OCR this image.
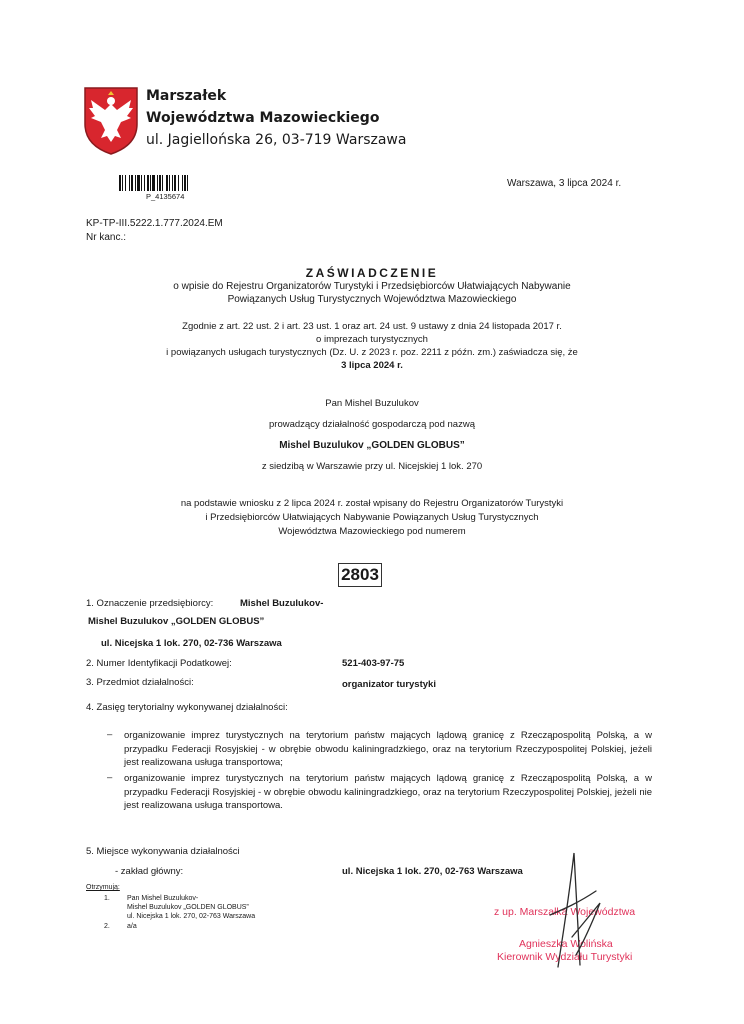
Marszałek
Województwa Mazowieckiego
ul. Jagiellońska 26, 03-719 Warszawa
P_4135674
Warszawa, 3 lipca 2024 r.
KP-TP-III.5222.1.777.2024.EM
Nr kanc.:
ZAŚWIADCZENIE
o wpisie do Rejestru Organizatorów Turystyki i Przedsiębiorców Ułatwiających Nabywanie
Powiązanych Usług Turystycznych Województwa Mazowieckiego
Zgodnie z art. 22 ust. 2 i art. 23 ust. 1 oraz art. 24 ust. 9 ustawy z dnia 24 listopada 2017 r.
o imprezach turystycznych
i powiązanych usługach turystycznych (Dz. U. z 2023 r. poz. 2211 z późn. zm.) zaświadcza się, że
3 lipca 2024 r.
Pan Mishel Buzulukov
prowadzący działalność gospodarczą pod nazwą
Mishel Buzulukov „GOLDEN GLOBUS”
z siedzibą w Warszawie przy ul. Nicejskiej 1 lok. 270
na podstawie wniosku z 2 lipca 2024 r. został wpisany do Rejestru Organizatorów Turystyki
i Przedsiębiorców Ułatwiających Nabywanie Powiązanych Usług Turystycznych
Województwa Mazowieckiego pod numerem
2803
1. Oznaczenie przedsiębiorcy:	Mishel Buzulukov-
Mishel Buzulukov „GOLDEN GLOBUS”
ul. Nicejska 1 lok. 270, 02-736 Warszawa
2. Numer Identyfikacji Podatkowej:	521-403-97-75
3. Przedmiot działalności:	organizator turystyki
4. Zasięg terytorialny wykonywanej działalności:
– organizowanie imprez turystycznych na terytorium państw mających lądową granicę z Rzecząpospolitą Polską, a w przypadku Federacji Rosyjskiej - w obrębie obwodu kaliningradzkiego, oraz na terytorium Rzeczypospolitej Polskiej, jeżeli jest realizowana usługa transportowa;
– organizowanie imprez turystycznych na terytorium państw mających lądową granicę z Rzecząpospolitą Polską, a w przypadku Federacji Rosyjskiej - w obrębie obwodu kaliningradzkiego, oraz na terytorium Rzeczypospolitej Polskiej, jeżeli nie jest realizowana usługa transportowa.
5. Miejsce wykonywania działalności
- zakład główny:	ul. Nicejska 1 lok. 270, 02-763 Warszawa
Otrzymują:
1. Pan Mishel Buzulukov-
Mishel Buzulukov „GOLDEN GLOBUS”
ul. Nicejska 1 lok. 270, 02-763 Warszawa
2. a/a
z up. Marszałka Województwa
Agnieszka Wolińska
Kierownik Wydziału Turystyki
